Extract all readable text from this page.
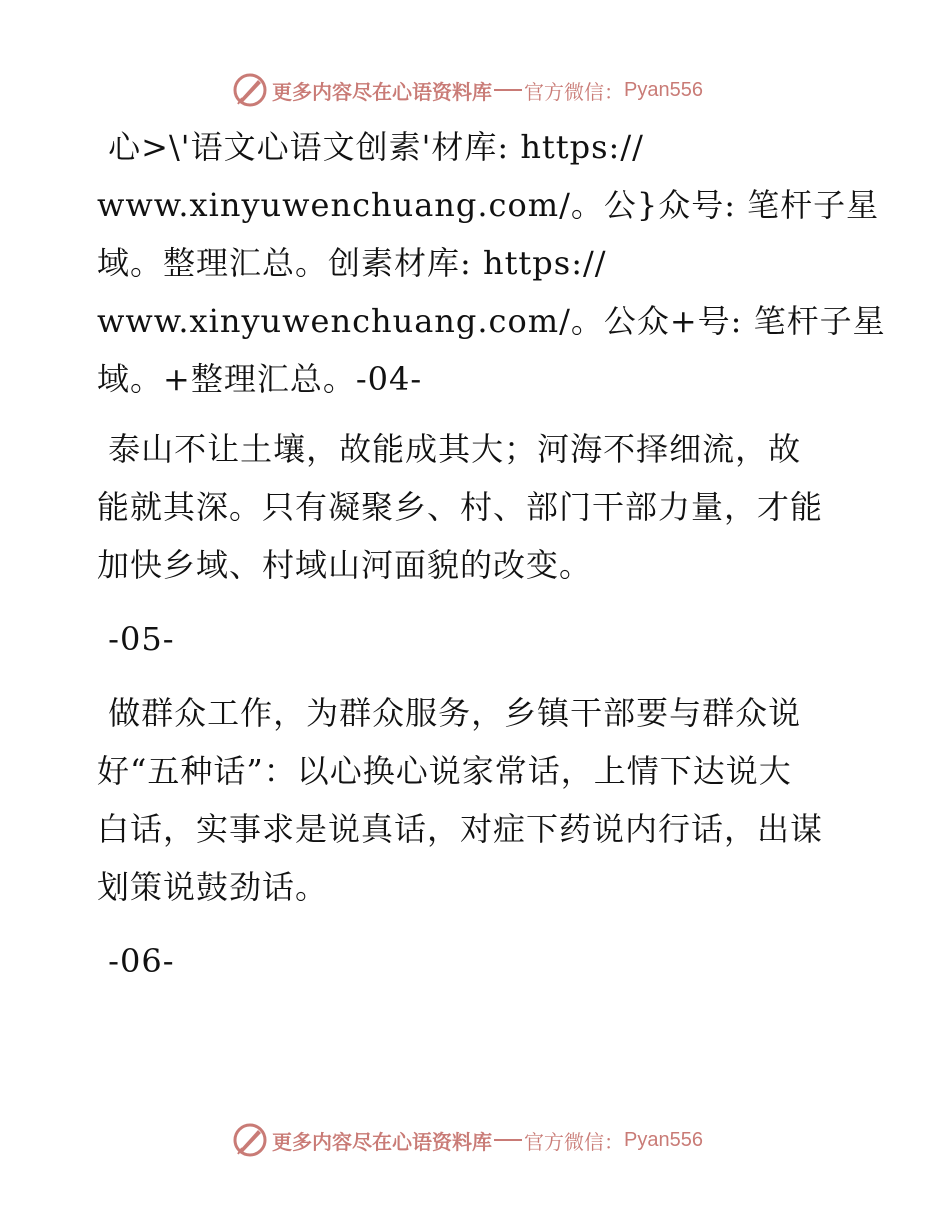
更多内容尽在心语资料库 官方微信： Pyan556

心>\'语文心语文创素'材库: https://
www.xinyuwenchuang.com/。公}众号: 笔杆子星
域。整理汇总。创素材库: https://
www.xinyuwenchuang.com/。公众+号: 笔杆子星
域。+整理汇总。-04-

泰山不让土壤，故能成其大；河海不择细流，故
能就其深。只有凝聚乡、村、部门干部力量，才能
加快乡域、村域山河面貌的改变。

-05-

做群众工作，为群众服务，乡镇干部要与群众说
好“五种话”：以心换心说家常话，上情下达说大
白话，实事求是说真话，对症下药说内行话，出谋
划策说鼓劲话。

-06-

更多内容尽在心语资料库 官方微信： Pyan556
